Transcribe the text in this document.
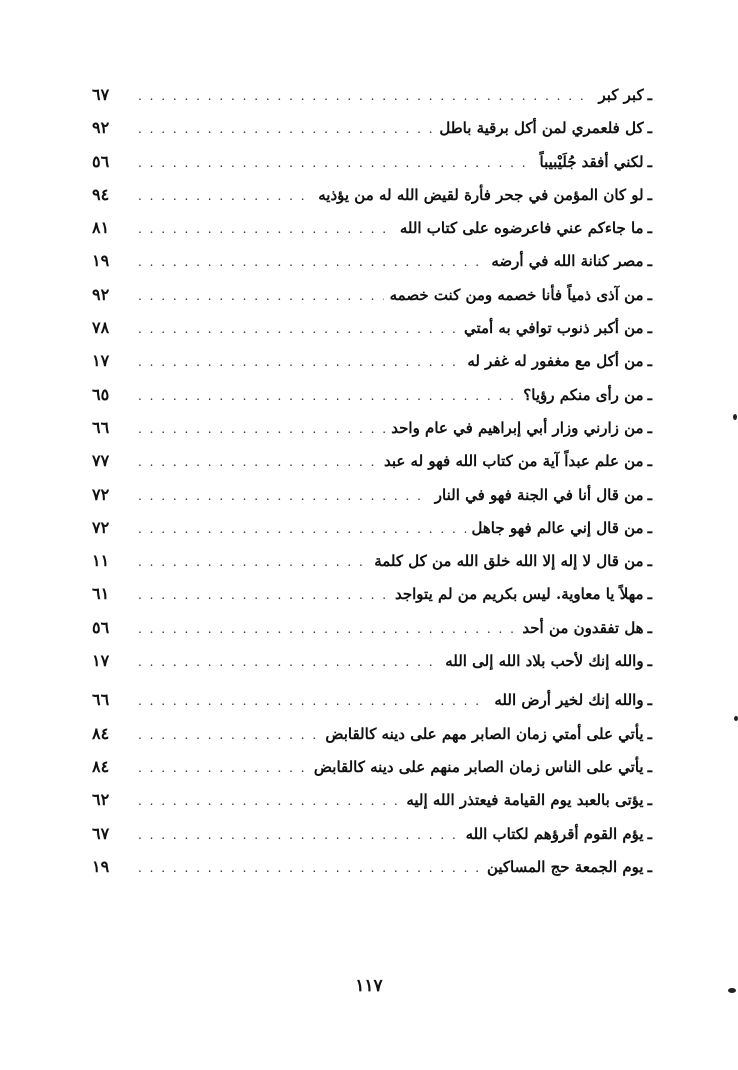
ـ
كبر كبر
. . .
٦٧
ـ
كل فلعمري لمن أكل برقية باطل
. . .
٩٢
ـ
لكني أفقد جُلَيْبيباً
. . .
٥٦
ـ
لو كان المؤمن في جحر فأرة لقيض الله له من يؤذيه
. . .
٩٤
ـ
ما جاءكم عني فاعرضوه على كتاب الله
. . .
٨١
ـ
مصر كنانة الله في أرضه
. . .
١٩
ـ
من آذى ذمياً فأنا خصمه ومن كنت خصمه
. . .
٩٢
ـ
من أكبر ذنوب توافي به أمتي
. . .
٧٨
ـ
من أكل مع مغفور له غفر له
. . .
١٧
ـ
من رأى منكم رؤيا؟
. . .
٦٥
ـ
من زارني وزار أبي إبراهيم في عام واحد
. . .
٦٦
ـ
من علم عبداً آية من كتاب الله فهو له عبد
. . .
٧٧
ـ
من قال أنا في الجنة فهو في النار
. . .
٧٢
ـ
من قال إني عالم فهو جاهل
. . .
٧٢
ـ
من قال لا إله إلا الله خلق الله من كل كلمة
. . .
١١
ـ
مهلاً يا معاوية. ليس بكريم من لم يتواجد
. . .
٦١
ـ
هل تفقدون من أحد
. . .
٥٦
ـ
والله إنك لأحب بلاد الله إلى الله
. . .
١٧
ـ
والله إنك لخير أرض الله
. . .
٦٦
ـ
يأتي على أمتي زمان الصابر مهم على دينه كالقابض
. . .
٨٤
ـ
يأتي على الناس زمان الصابر منهم على دينه كالقابض
. . .
٨٤
ـ
يؤتى بالعبد يوم القيامة فيعتذر الله إليه
. . .
٦٢
ـ
يؤم القوم أقرؤهم لكتاب الله
. . .
٦٧
ـ
يوم الجمعة حج المساكين
. . .
١٩
١١٧
